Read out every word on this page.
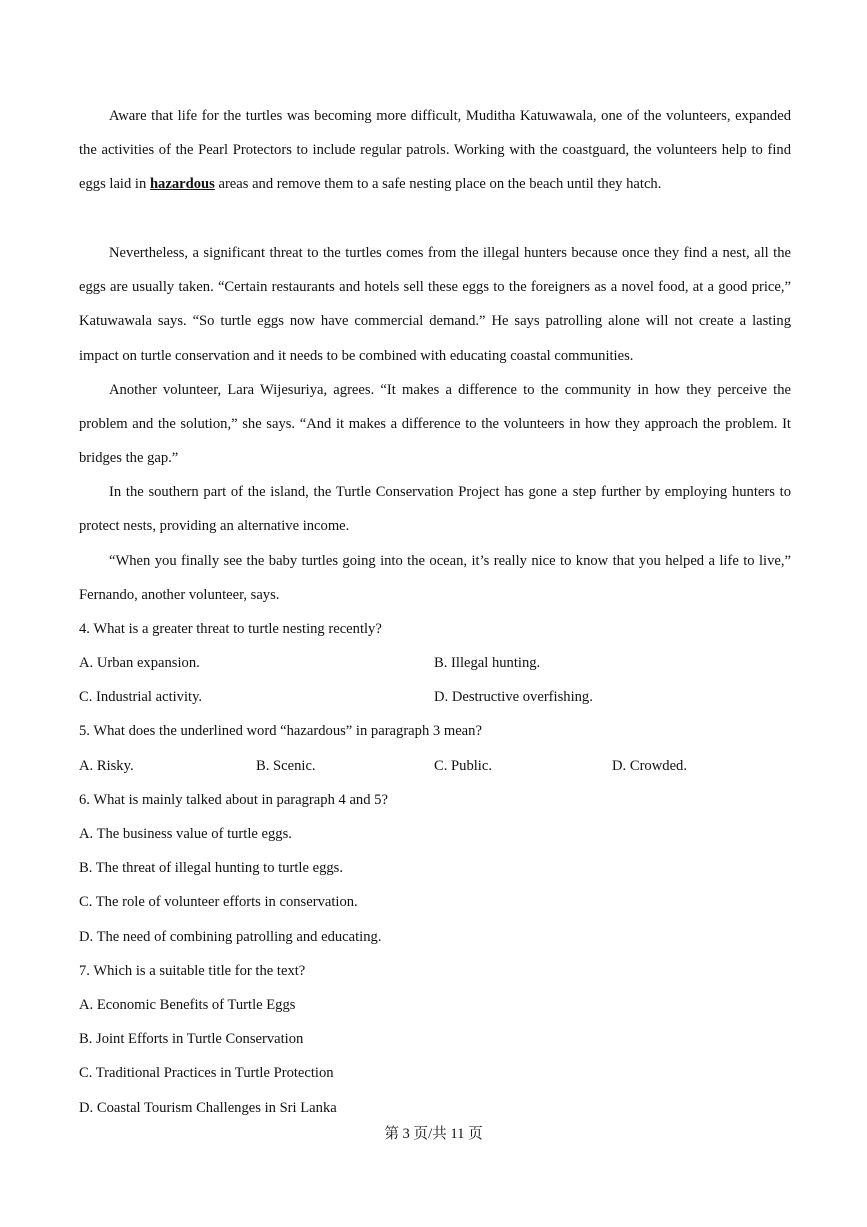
Aware that life for the turtles was becoming more difficult, Muditha Katuwawala, one of the volunteers, expanded the activities of the Pearl Protectors to include regular patrols. Working with the coastguard, the volunteers help to find eggs laid in hazardous areas and remove them to a safe nesting place on the beach until they hatch.

Nevertheless, a significant threat to the turtles comes from the illegal hunters because once they find a nest, all the eggs are usually taken. “Certain restaurants and hotels sell these eggs to the foreigners as a novel food, at a good price,” Katuwawala says. “So turtle eggs now have commercial demand.” He says patrolling alone will not create a lasting impact on turtle conservation and it needs to be combined with educating coastal communities.

Another volunteer, Lara Wijesuriya, agrees. “It makes a difference to the community in how they perceive the problem and the solution,” she says. “And it makes a difference to the volunteers in how they approach the problem. It bridges the gap.”

In the southern part of the island, the Turtle Conservation Project has gone a step further by employing hunters to protect nests, providing an alternative income.

“When you finally see the baby turtles going into the ocean, it’s really nice to know that you helped a life to live,” Fernando, another volunteer, says.

4. What is a greater threat to turtle nesting recently?
A. Urban expansion.	B. Illegal hunting.
C. Industrial activity.	D. Destructive overfishing.
5. What does the underlined word “hazardous” in paragraph 3 mean?
A. Risky.	B. Scenic.	C. Public.	D. Crowded.
6. What is mainly talked about in paragraph 4 and 5?
A. The business value of turtle eggs.
B. The threat of illegal hunting to turtle eggs.
C. The role of volunteer efforts in conservation.
D. The need of combining patrolling and educating.
7. Which is a suitable title for the text?
A. Economic Benefits of Turtle Eggs
B. Joint Efforts in Turtle Conservation
C. Traditional Practices in Turtle Protection
D. Coastal Tourism Challenges in Sri Lanka
第 3 页/共 11 页
